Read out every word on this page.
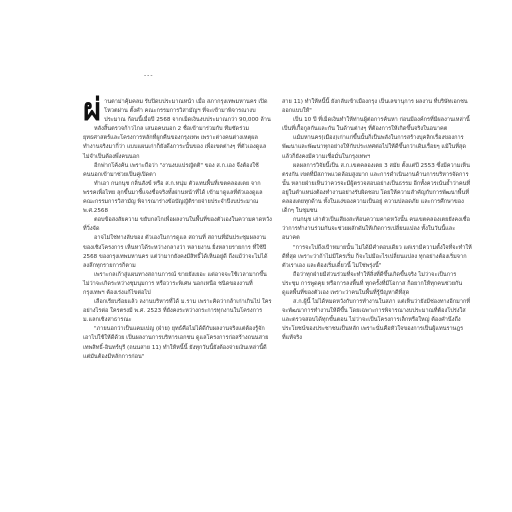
---

ผ่านตาม่าคุ้มคลม รับปิดบประมาณหน้า เมื่อ สภากรุงเทพมหานคร เปิดโหวตผ่าน ตั้งคำ คณะกรรมการวิสามัญฯ ที่จะเข้ามาพิจารณางบประมาณ ก้อนนี้เมื่อปี 2568 จากเม็ดเงินงบประมาณกว่า 90,000 ล้าน

หลังสิ้นตรวจก้าวไกล เสนอคนนอก 2 ชื่อเข้ามาร่วมกับ ทีมชัดร่วม ยุทธศาสตร์และโครงการหลักที่ผูกคืนของกรุงเทพ เพราะต่างคนต่างเหตุผล ทำงานจริงมากี่ว่า แบบแผนเก่าก็ยังดึงภาระนั้นของ เพื่อเขตต่างๆ ที่ตัวเองดูแล ไม่จำเป็นต้องพึ่งคนนอก

อีกฟากโค้งค้น เพราะถือว่า "งานงบแปรญัตติ" ของ ส.ก.เอง จึงต้องใช้คนนอกเข้ามาช่วยเป็นคู่เปิดตา

ทำเอา กนกนุช กลิ่นสังข์ หรือ ส.ก.หนุ่ม ตัวแทนพื้นที่เขตคลองเตย จากพรรคเพื่อไทย ลุกขึ้นมาชี้แจงชื่อจริงทั้งผ่านหน้าที่ได้ เข้ามาดูแลที่ตัวเองดูแล คณะกรรมการวิสามัญ พิจารณาร่างข้อบัญญัติรายจ่ายประจำปีงบประมาณ พ.ศ.2568

ตอบข้อสงสัยความ ขยับกลไกเพื่อผลงานในพื้นที่ของตัวเองในความคาดหวังที่วิ่งจัด

อาจไม่ใช่ทางลับของ ตัวเองในการดูแล สถานที่ สถานที่มันประชุมผลงานของเชิงโครงการ เห็นหาได้ระหว่างกลางว่า หลายงาน ยิ่งหลายรายการ ที่ใช้ปี 2568 ของกรุงเทพมหานคร แต่ว่ามากยังคงมีสิทธิ์ได้เห็นอยู่ดี ถึงแม้ว่าจะไม่ได้ลงลึกทุกรายการก็ตาม

เพราะกลเก้าสู่แผนทางสถานการณ์ ขายยังเยอะ แต่อาจจะใช้เวลามากขึ้นไม่ว่าจะเกิดระหว่างชุมนุมการ หรือวาระพิเศษ นอกเหนือ ชนิดของงานที่กรุงเทพฯ ต้องเร่งแก้ไขต่อไป

เลือกเรียบร้อยแล้ว ลงานบริหารที่ได้ ม.ราม เพราะคิดว่ากล้าเก่าเกินไป ใครอย่างไรต่อ ใครตรงมี พ.ศ. 2523 ที่ยังคงระหว่างกระการทุกงานในโครงการ ม.แลกเชิงสาธารณะ

"ภายนอกว่าเป็นแคมเปญ (ฝ่าย) ยุทธ์คือไม่ได้ดีกับผลงานจริงแต่ต้องรู้จักเอาไปใช้ให้ดีด้วย เป็นผลงานการบริหารเอกชน ดูแลโครงการก่อสร้างถนนสายเทพสิทธิ์-อินทร์บุรี (ถนนสาย 11) ทำให้หนี้นี้ ยังทุกวันนี้ยังต้องจ่ายเงินเหล่านี้ดีแต่มันต้องมีหลักการก่อน"

สาย 11) ทำให้หนี้นี้ ยังกลับเข้าเมืองกรุง เป็นเลขานุการ ผลงาน ที่บริษัทเอกชนออกแบบให้"

เป็น 10 ปี ที่เม็ดเงินทำให้ท่านผู้ต่อการค้นหา ก่อนมีองค์กรที่มีผลงานเหล่านี้เป็นที่เกื้อกูลกันและกัน ในด้านต่างๆ ที่ต้องการให้เกิดขึ้นจริงในอนาคต

แม้มหานคร(เมือง)เก่าแก่ขึ้นนั้นก็เป็นพลังในการสร้างบุคลิกเรื่องของการพัฒนาและพัฒนาทุกอย่างให้กับประเทศต่อไปให้ดีขึ้นกว่าเดิมเรื่อยๆ แม้ในที่สุดแล้วก็ยังคงมีความเชื่อมั่นในกรุงเทพฯ

ผลผลการวิจัยนี้เป็น ส.ก.เขตคลองเตย 3 สมัย ตั้งแต่ปี 2553 ซึ่งมีความเห็นตรงกัน เขตที่มีสภาพแวดล้อมสูงมาก และการดำเนินงานด้านการบริหารจัดการนั้น หลายฝ่ายเห็นว่าควรจะมีผู้ตรวจสอบอย่างเป็นธรรม อีกทั้งควรเน้นย้ำว่าคนที่อยู่ในตำแหน่งต้องทำงานอย่างรับผิดชอบ โดยให้ความสำคัญกับการพัฒนาพื้นที่คลองเตยทุกด้าน ทั้งในแง่ของความเป็นอยู่ ความปลอดภัย และการศึกษาของเด็กๆ ในชุมชน

กนกนุช เล่าตัวเป็นเสียงสะท้อนความคาดหวังนั้น คนเขตคลองเตยยังคงเชื่อว่าการทำงานร่วมกันจะช่วยผลักดันให้เกิดการเปลี่ยนแปลง ทั้งในวันนี้และอนาคต

"การจะไปถึงเป้าหมายนั้น ไม่ได้มีคำตอบเดียว แต่เรามีความตั้งใจที่จะทำให้ดีที่สุด เพราะว่าถ้าไม่มีใครเริ่ม ก็จะไม่มีอะไรเปลี่ยนแปลง ทุกอย่างต้องเริ่มจากตัวเราเอง และต้องเริ่มเดี๋ยวนี้ ไม่ใช่พรุ่งนี้"

ถือว่าทุกฝ่ายมีส่วนร่วมที่จะทำให้สิ่งที่ดีขึ้นเกิดขึ้นจริง ไม่ว่าจะเป็นการประชุม การพูดคุย หรือการลงพื้นที่ ทุกครั้งที่มีโอกาส ก็อยากให้ทุกคนช่วยกันดูแลพื้นที่ของตัวเอง เพราะว่าคนในพื้นที่รู้ปัญหาดีที่สุด

ส.ก.ผู้นี้ ไม่ได้หมดหวังกับการทำงานในสภา แต่เห็นว่ายังมีช่องทางอีกมากที่จะพัฒนาการทำงานให้ดีขึ้น โดยเฉพาะการพิจารณางบประมาณที่ต้องโปร่งใส และตรวจสอบได้ทุกขั้นตอน ไม่ว่าจะเป็นโครงการเล็กหรือใหญ่ ต้องคำนึงถึงประโยชน์ของประชาชนเป็นหลัก เพราะนั่นคือหัวใจของการเป็นผู้แทนราษฎรที่แท้จริง
